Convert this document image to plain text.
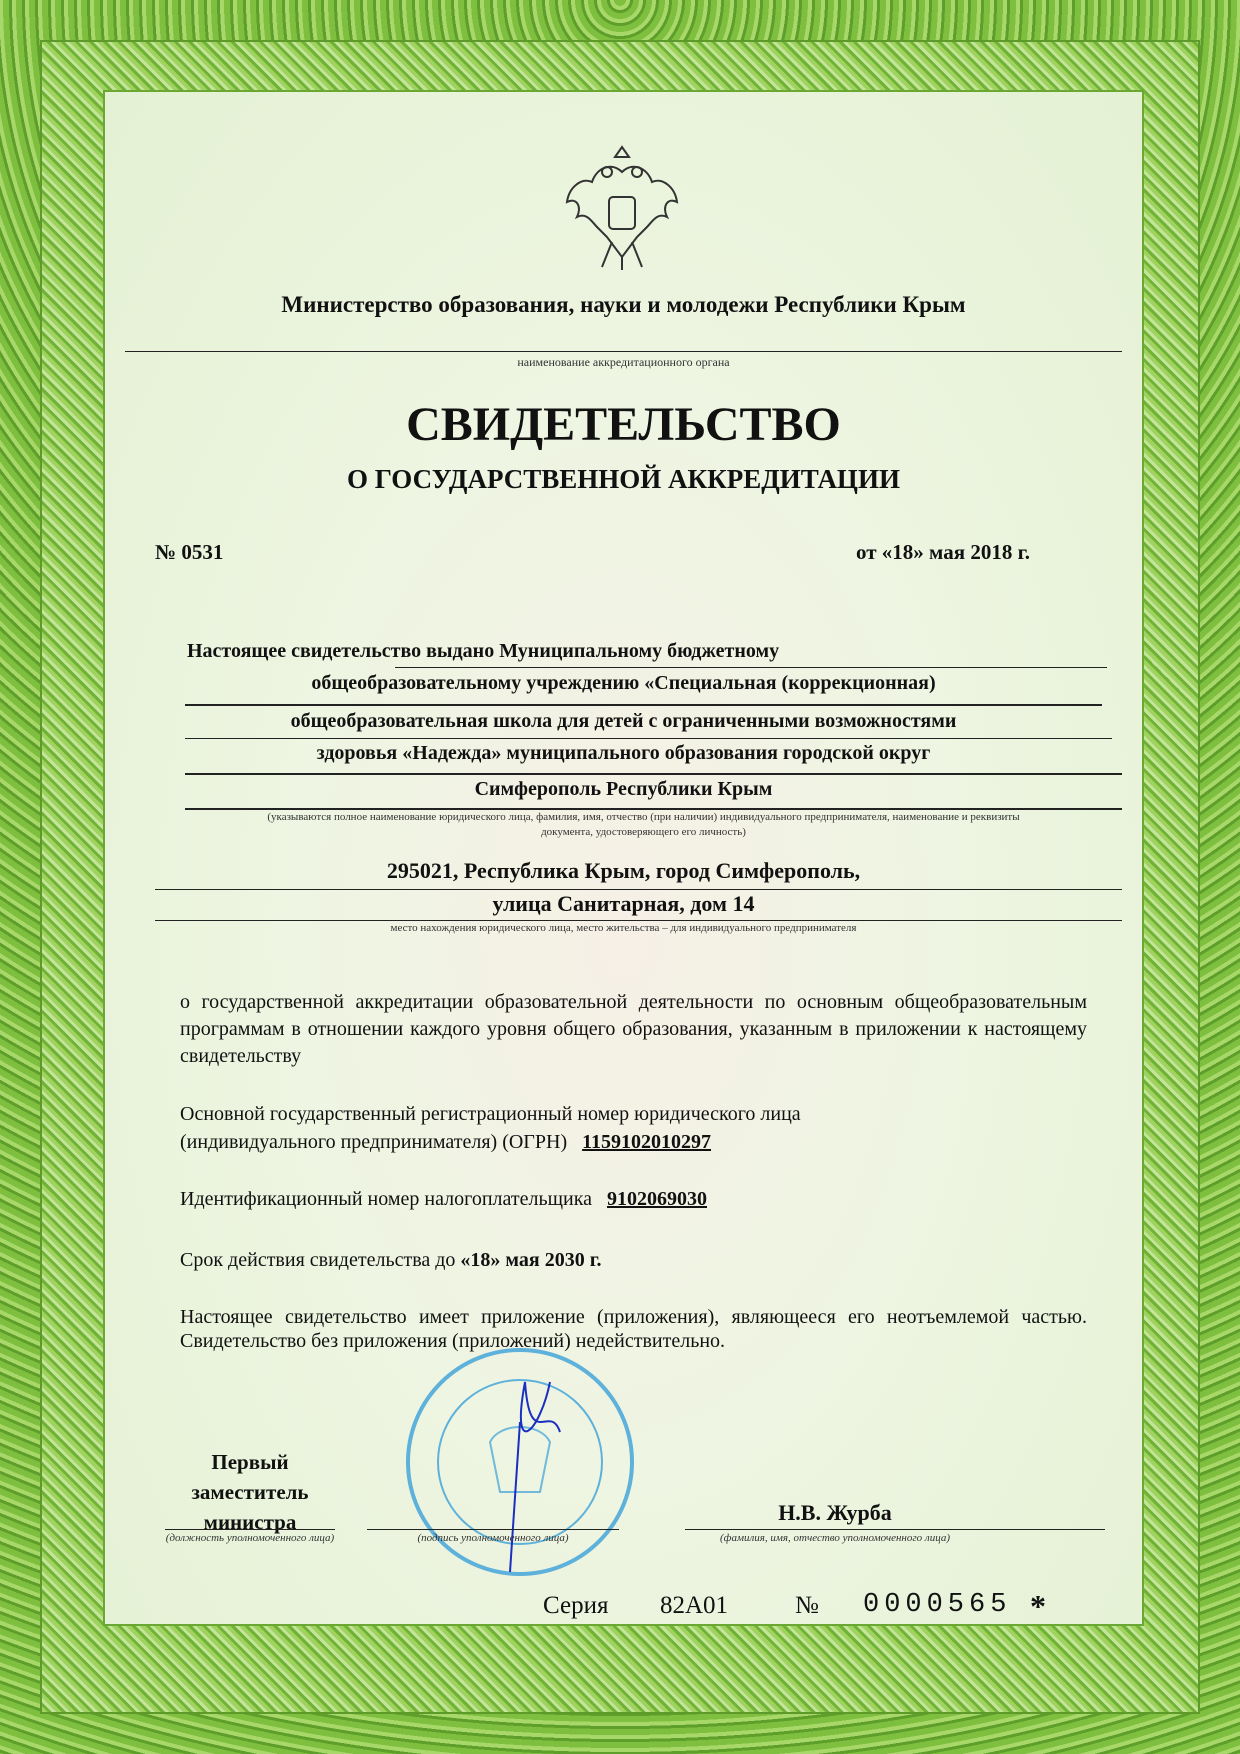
Министерство образования, науки и молодежи Республики Крым
наименование аккредитационного органа
СВИДЕТЕЛЬСТВО
О ГОСУДАРСТВЕННОЙ АККРЕДИТАЦИИ
№ 0531	от «18» мая 2018 г.
Настоящее свидетельство выдано Муниципальному бюджетному
общеобразовательному учреждению «Специальная (коррекционная)
общеобразовательная школа для детей с ограниченными возможностями
здоровья «Надежда» муниципального образования городской округ
Симферополь Республики Крым
(указываются полное наименование юридического лица, фамилия, имя, отчество (при наличии) индивидуального предпринимателя, наименование и реквизиты
документа, удостоверяющего его личность)
295021, Республика Крым, город Симферополь,
улица Санитарная, дом 14
место нахождения юридического лица, место жительства – для индивидуального предпринимателя
о государственной аккредитации образовательной деятельности по основным общеобразовательным программам в отношении каждого уровня общего образования, указанным в приложении к настоящему свидетельству
Основной государственный регистрационный номер юридического лица
(индивидуального предпринимателя) (ОГРН) 1159102010297
Идентификационный номер налогоплательщика 9102069030
Срок действия свидетельства до «18» мая 2030 г.
Настоящее свидетельство имеет приложение (приложения), являющееся его неотъемлемой частью. Свидетельство без приложения (приложений) недействительно.
Первый
заместитель
министра
(должность уполномоченного лица)	(подпись уполномоченного лица)
Н.В. Журба
(фамилия, имя, отчество уполномоченного лица)
Серия 82А01	№ 0000565 *
